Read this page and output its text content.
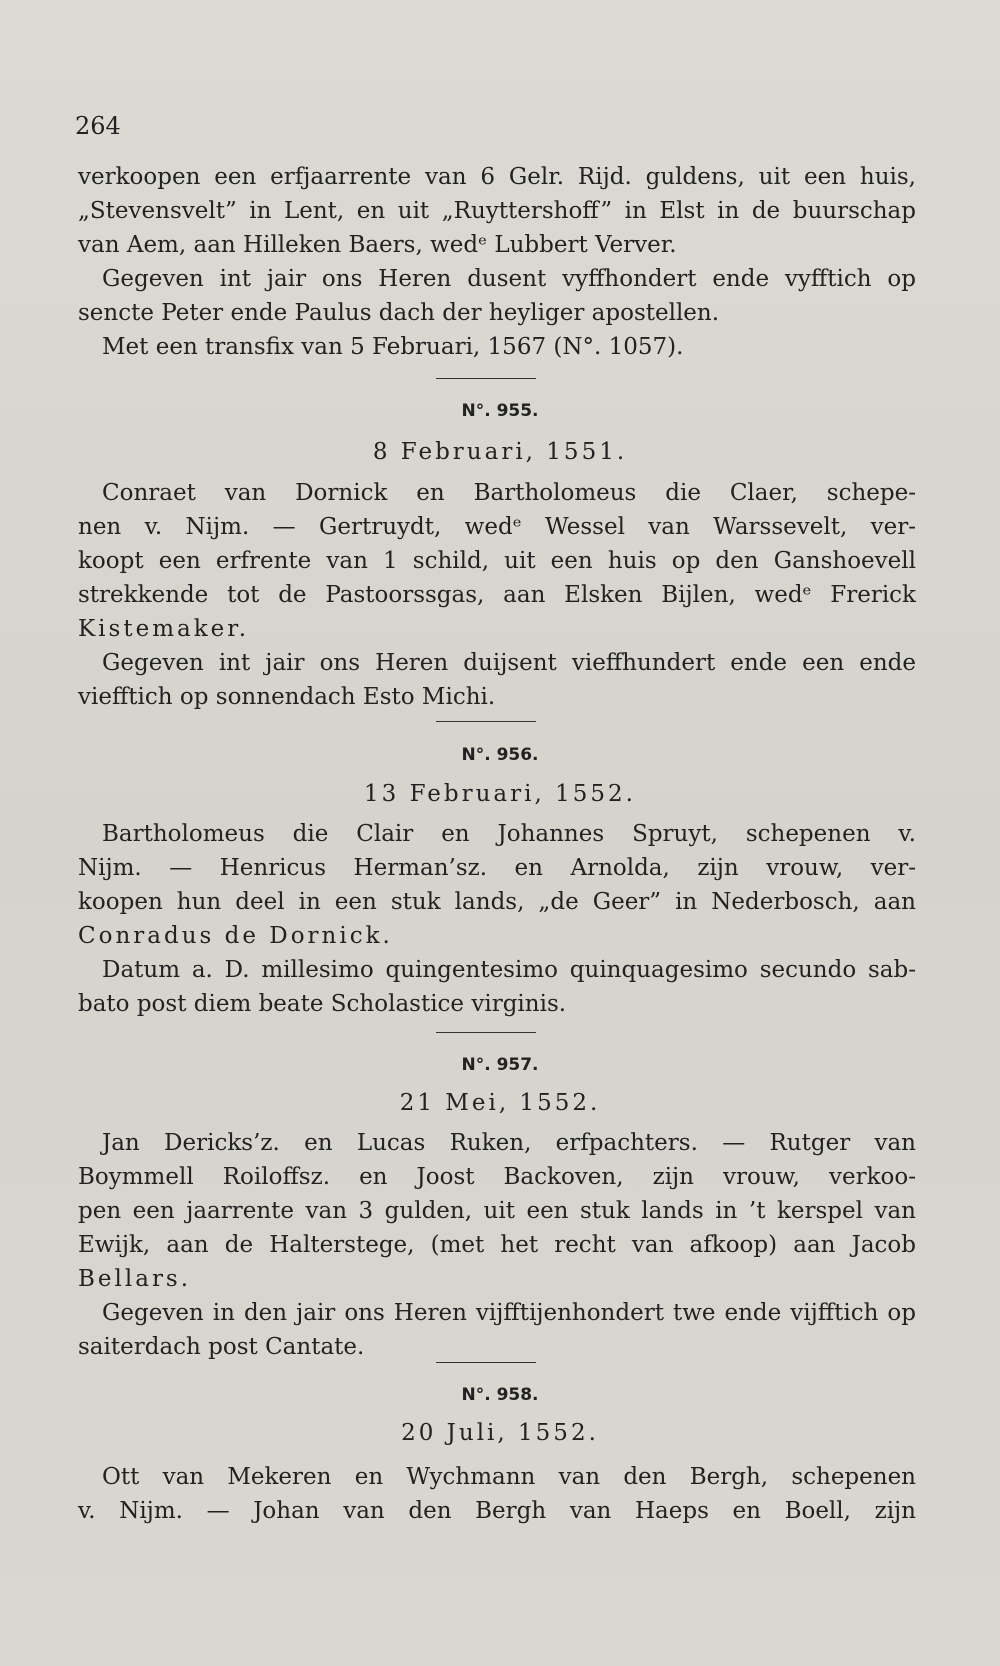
264
verkoopen een erfjaarrente van 6 Gelr. Rijd. guldens, uit een huis,
„Stevensvelt” in Lent, en uit „Ruyttershoff” in Elst in de buurschap
van Aem, aan Hilleken Baers, wedᵉ Lubbert Verver.
Gegeven int jair ons Heren dusent vyffhondert ende vyfftich op
sencte Peter ende Paulus dach der heyliger apostellen.
Met een transfix van 5 Februari, 1567 (N°. 1057).
N°. 955.
8 Februari, 1551.
Conraet van Dornick en Bartholomeus die Claer, schepe-
nen v. Nijm. — Gertruydt, wedᵉ Wessel van Warssevelt, ver-
koopt een erfrente van 1 schild, uit een huis op den Ganshoevell
strekkende tot de Pastoorssgas, aan Elsken Bijlen, wedᵉ Frerick
Kistemaker.
Gegeven int jair ons Heren duijsent vieffhundert ende een ende
viefftich op sonnendach Esto Michi.
N°. 956.
13 Februari, 1552.
Bartholomeus die Clair en Johannes Spruyt, schepenen v.
Nijm. — Henricus Herman’sz. en Arnolda, zijn vrouw, ver-
koopen hun deel in een stuk lands, „de Geer” in Nederbosch, aan
Conradus de Dornick.
Datum a. D. millesimo quingentesimo quinquagesimo secundo sab-
bato post diem beate Scholastice virginis.
N°. 957.
21 Mei, 1552.
Jan Dericks’z. en Lucas Ruken, erfpachters. — Rutger van
Boymmell Roiloffsz. en Joost Backoven, zijn vrouw, verkoo-
pen een jaarrente van 3 gulden, uit een stuk lands in ’t kerspel van
Ewijk, aan de Halterstege, (met het recht van afkoop) aan Jacob
Bellars.
Gegeven in den jair ons Heren vijfftijenhondert twe ende vijfftich op
saiterdach post Cantate.
N°. 958.
20 Juli, 1552.
Ott van Mekeren en Wychmann van den Bergh, schepenen
v. Nijm. — Johan van den Bergh van Haeps en Boell, zijn
